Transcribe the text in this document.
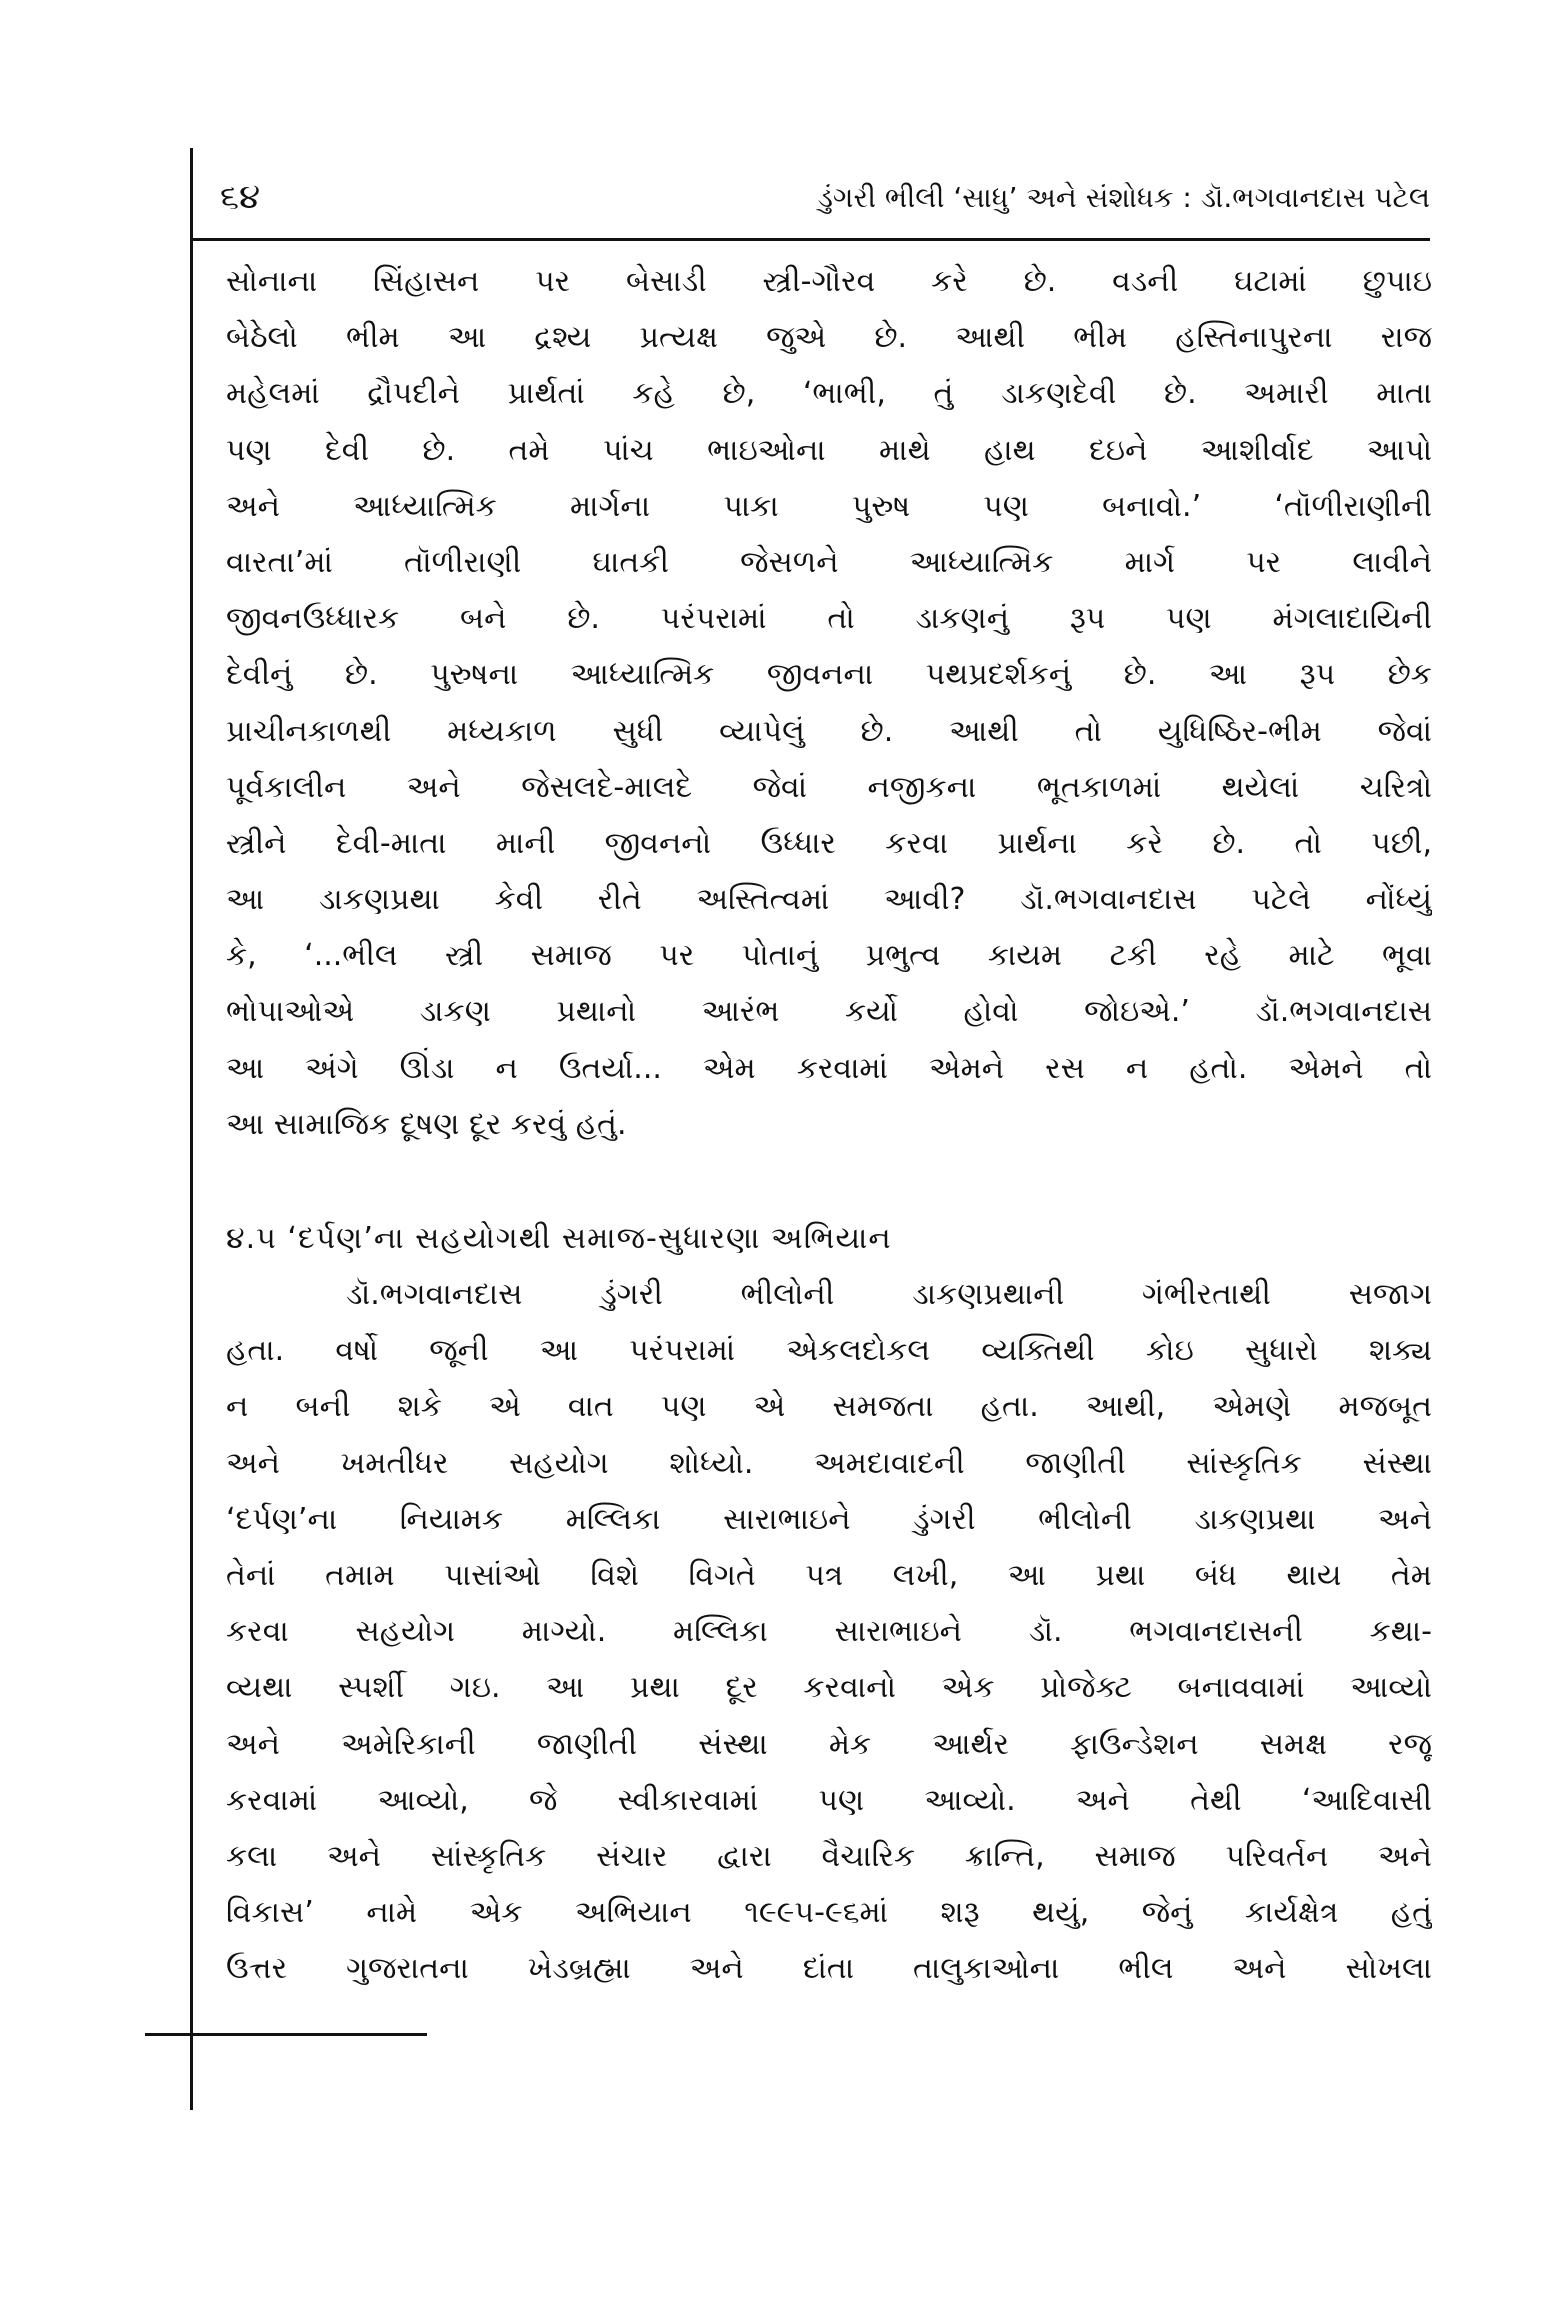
૬૪	ડુંગરી ભીલી ‘સાધુ’ અને સંશોધક : ડૉ.ભગવાનદાસ પટેલ
સોનાના સિંહાસન પર બેસાડી સ્ત્રી-ગૌરવ કરે છે. વડની ઘટામાં છુપાઇ
બેઠેલો ભીમ આ દ્રશ્ય પ્રત્યક્ષ જુએ છે. આથી ભીમ હસ્તિનાપુરના રાજ
મહેલમાં દ્રૌપદીને પ્રાર્થતાં કહે છે, ‘ભાભી, તું ડાકણદેવી છે. અમારી માતા
પણ દેવી છે. તમે પાંચ ભાઇઓના માથે હાથ દઇને આશીર્વાદ આપો
અને આધ્યાત્મિક માર્ગના પાકા પુરુષ પણ બનાવો.’ ‘તૉળીરાણીની
વારતા’માં તૉળીરાણી ઘાતકી જેસળને આધ્યાત્મિક માર્ગ પર લાવીને
જીવનઉધ્ધારક બને છે. પરંપરામાં તો ડાકણનું રૂપ પણ મંગલાદાયિની
દેવીનું છે. પુરુષના આધ્યાત્મિક જીવનના પથપ્રદર્શકનું છે. આ રૂપ છેક
પ્રાચીનકાળથી મધ્યકાળ સુધી વ્યાપેલું છે. આથી તો યુધિષ્ઠિર-ભીમ જેવાં
પૂર્વકાલીન અને જેસલદે-માલદે જેવાં નજીકના ભૂતકાળમાં થયેલાં ચરિત્રો
સ્ત્રીને દેવી-માતા માની જીવનનો ઉધ્ધાર કરવા પ્રાર્થના કરે છે. તો પછી,
આ ડાકણપ્રથા કેવી રીતે અસ્તિત્વમાં આવી? ડૉ.ભગવાનદાસ પટેલે નોંધ્યું
કે, ‘...ભીલ સ્ત્રી સમાજ પર પોતાનું પ્રભુત્વ કાયમ ટકી રહે માટે ભૂવા
ભોપાઓએ ડાકણ પ્રથાનો આરંભ કર્યો હોવો જોઇએ.’ ડૉ.ભગવાનદાસ
આ અંગે ઊંડા ન ઉતર્યા... એમ કરવામાં એમને રસ ન હતો. એમને તો
આ સામાજિક દૂષણ દૂર કરવું હતું.
૪.૫ ‘દર્પણ’ના સહયોગથી સમાજ-સુધારણા અભિયાન
ડૉ.ભગવાનદાસ ડુંગરી ભીલોની ડાકણપ્રથાની ગંભીરતાથી સજાગ
હતા. વર્ષો જૂની આ પરંપરામાં એકલદોકલ વ્યક્તિથી કોઇ સુધારો શક્ય
ન બની શકે એ વાત પણ એ સમજતા હતા. આથી, એમણે મજબૂત
અને ખમતીધર સહયોગ શોધ્યો. અમદાવાદની જાણીતી સાંસ્કૃતિક સંસ્થા
‘દર્પણ’ના નિયામક મલ્લિકા સારાભાઇને ડુંગરી ભીલોની ડાકણપ્રથા અને
તેનાં તમામ પાસાંઓ વિશે વિગતે પત્ર લખી, આ પ્રથા બંધ થાય તેમ
કરવા સહયોગ માગ્યો. મલ્લિકા સારાભાઇને ડૉ. ભગવાનદાસની કથા-
વ્યથા સ્પર્શી ગઇ. આ પ્રથા દૂર કરવાનો એક પ્રોજેક્ટ બનાવવામાં આવ્યો
અને અમેરિકાની જાણીતી સંસ્થા મેક આર્થર ફાઉન્ડેશન સમક્ષ રજૂ
કરવામાં આવ્યો, જે સ્વીકારવામાં પણ આવ્યો. અને તેથી ‘આદિવાસી
કલા અને સાંસ્કૃતિક સંચાર દ્વારા વૈચારિક ક્રાન્તિ, સમાજ પરિવર્તન અને
વિકાસ’ નામે એક અભિયાન ૧૯૯૫-૯૬માં શરૂ થયું, જેનું કાર્યક્ષેત્ર હતું
ઉત્તર ગુજરાતના ખેડબ્રહ્મા અને દાંતા તાલુકાઓના ભીલ અને સોખલા
